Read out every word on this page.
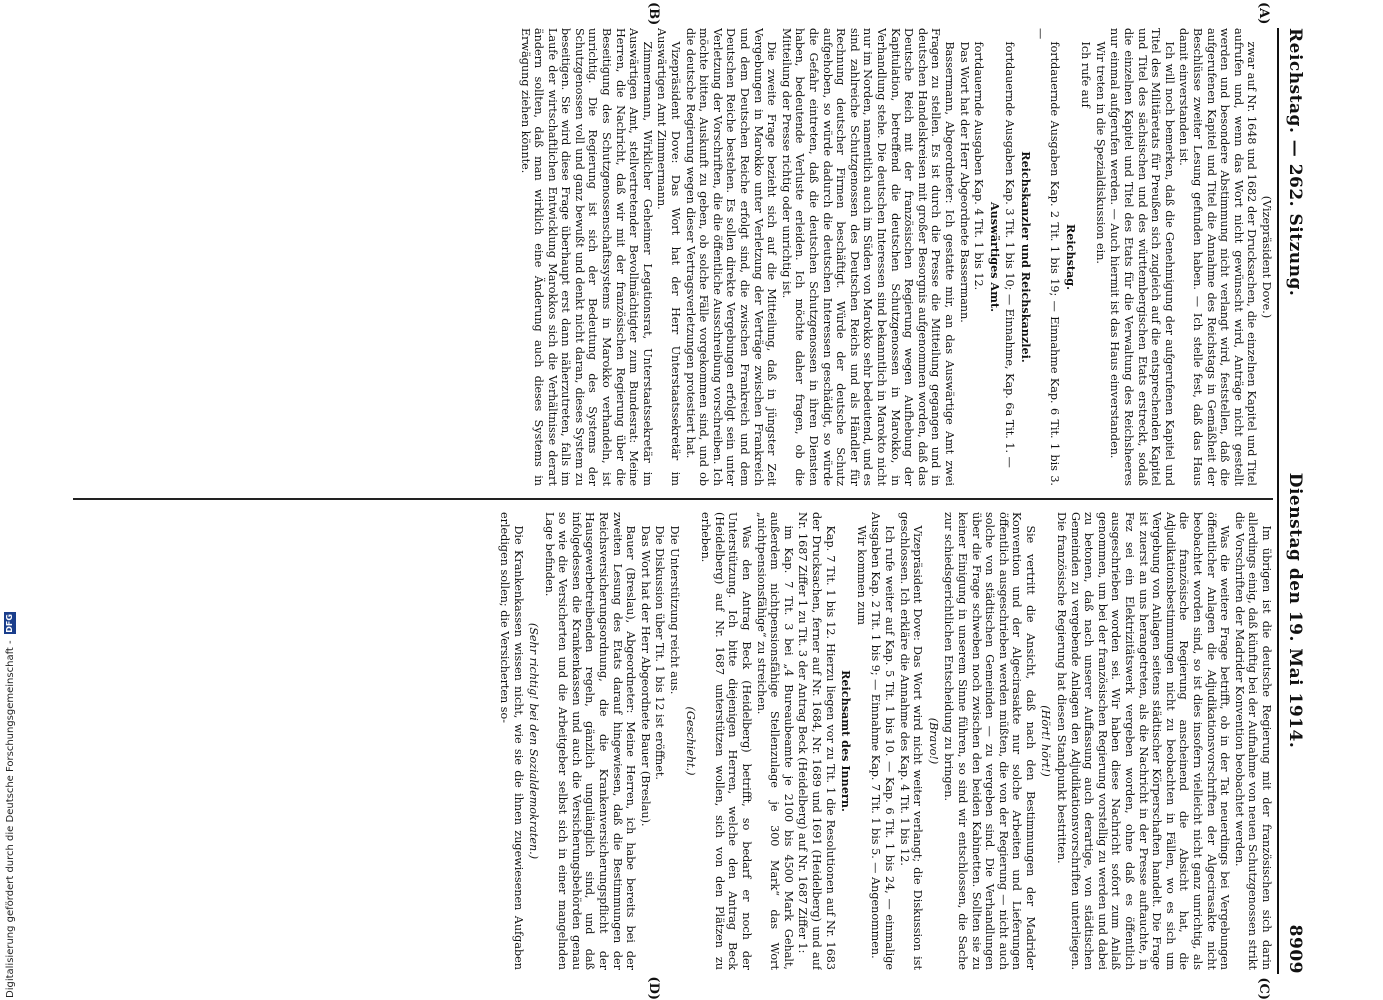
Reichstag. — 262. Sitzung.
Dienstag den 19. Mai 1914.
8909
(A)
(B)
(C)
(D)

(Vizepräsident Dove.)

zwar auf Nr. 1648 und 1682 der Drucksachen, die einzelnen Kapitel und Titel aufrufen und, wenn das Wort nicht gewünscht wird, Anträge nicht gestellt werden und besondere Abstimmung nicht verlangt wird, feststellen, daß die aufgerufenen Kapitel und Titel die Annahme des Reichstags in Gemäßheit der Beschlüsse zweiter Lesung gefunden haben. — Ich stelle fest, daß das Haus damit einverstanden ist.

Ich will noch bemerken, daß die Genehmigung der aufgerufenen Kapitel und Titel des Militäretats für Preußen sich zugleich auf die entsprechenden Kapitel und Titel des sächsischen und des württembergischen Etats erstreckt, sodaß die einzelnen Kapitel und Titel des Etats für die Verwaltung des Reichsheeres nur einmal aufgerufen werden. — Auch hiermit ist das Haus einverstanden.

Wir treten in die Spezialdiskussion ein.

Ich rufe auf

Reichstag.

fortdauernde Ausgaben Kap. 2 Tit. 1 bis 19; — Einnahme Kap. 6 Tit. 1 bis 3. —

Reichskanzler und Reichskanzlei.

fortdauernde Ausgaben Kap. 3 Tit. 1 bis 10; — Einnahme, Kap. 6a Tit. 1. —

Auswärtiges Amt.

fortdauernde Ausgaben Kap. 4 Tit. 1 bis 12.

Das Wort hat der Herr Abgeordnete Bassermann.

Bassermann, Abgeordneter: Ich gestatte mir, an das Auswärtige Amt zwei Fragen zu stellen. Es ist durch die Presse die Mitteilung gegangen und in deutschen Handelskreisen mit großer Besorgnis aufgenommen worden, daß das Deutsche Reich mit der französischen Regierung wegen Aufhebung der Kapitulation, betreffend die deutschen Schutzgenossen in Marokko, in Verhandlung stehe. Die deutschen Interessen sind bekanntlich in Marokto nicht nur im Norden, namentlich auch im Süden von Marokko sehr bedeutend, und es sind zahlreiche Schutzgenossen des Deutschen Reichs und als Händler für Rechnung deutscher Firmen beschäftigt. Würde der deutsche Schutz aufgehoben, so würde dadurch die deutschen Interessen geschädigt, so würde die Gefahr eintreten, daß die deutschen Schutzgenossen in ihren Diensten haben, bedeutende Verluste erleiden. Ich möchte daher fragen, ob die Mitteilung der Presse richtig oder unrichtig ist.

Die zweite Frage bezieht sich auf die Mitteilung, daß in jüngster Zeit Vergebungen in Marokko unter Verletzung der Verträge zwischen Frankreich und dem Deutschen Reiche erfolgt sind, die zwischen Frankreich und dem Deutschen Reiche bestehen. Es sollen direkte Vergebungen erfolgt sein unter Verletzung der Vorschriften, die die öffentliche Ausschreibung vorschreiben. Ich möchte bitten, Auskunft zu geben, ob solche Fälle vorgekommen sind, und ob die deutsche Regierung wegen dieser Vertragsverletzungen protestiert hat.

Vizepräsident Dove: Das Wort hat der Herr Unterstaatssekretär im Auswärtigen Amt Zimmermann.

Zimmermann, Wirklicher Geheimer Legationsrat, Unterstaatssekretär im Auswärtigen Amt, stellvertretender Bevollmächtigter zum Bundesrat: Meine Herren, die Nachricht, daß wir mit der französischen Regierung über die Beseitigung des Schutzgenossenschaftssystems in Marokko verhandeln, ist unrichtig. Die Regierung ist sich der Bedeutung des Systems der Schutzgenossen voll und ganz bewußt und denkt nicht daran, dieses System zu beseitigen. Sie wird diese Frage überhaupt erst dann näherzutreten, falls im Laufe der wirtschaftlichen Entwicklung Marokkos sich die Verhältnisse derart ändern sollten, daß man wirklich eine Änderung auch dieses Systems in Erwägung ziehen könnte.

Im übrigen ist die deutsche Regierung mit der französischen sich darin allerdings einig, daß künftig bei der Aufnahme von neuen Schutzgenossen strikt die Vorschriften der Madrider Konvention beobachtet werden.

Was die weitere Frage betrifft, ob in der Tat neuerdings bei Vergebungen öffentlicher Anlagen die Adjudikationsvorschriften der Algecirasakte nicht beobachtet worden sind, so ist dies insofern vielleicht nicht ganz unrichtig, als die französische Regierung anscheinend die Absicht hat, die Adjudikationsbestimmungen nicht zu beobachten in Fällen, wo es sich um Vergebung von Anlagen seitens städtischer Körperschaften handelt. Die Frage ist zuerst an uns herangetreten, als die Nachricht in der Presse auftauchte, in Fez sei ein Elektrizitätswerk vergeben worden, ohne daß es öffentlich ausgeschrieben worden sei. Wir haben diese Nachricht sofort zum Anlaß genommen, um bei der französischen Regierung vorstellig zu werden und dabei zu betonen, daß nach unserer Auffassung auch derartige, von städtischen Gemeinden zu vergebende Anlagen den Adjudikationsvorschriften unterliegen. Die französische Regierung hat diesen Standpunkt bestritten.

(Hört! hört!)

Sie vertritt die Ansicht, daß nach den Bestimmungen der Madrider Konvention und der Algecirasakte nur solche Arbeiten und Lieferungen öffentlich ausgeschrieben werden müßten, die von der Regierung — nicht auch solche von städtischen Gemeinden — zu vergeben sind. Die Verhandlungen über die Frage schweben noch zwischen den beiden Kabinetten. Sollten sie zu keiner Einigung in unserem Sinne führen, so sind wir entschlossen, die Sache zur schiedsgerichtlichen Entscheidung zu bringen.

(Bravo!)

Vizepräsident Dove: Das Wort wird nicht weiter verlangt; die Diskussion ist geschlossen. Ich erkläre die Annahme des Kap. 4 Tit. 1 bis 12.

Ich rufe weiter auf Kap. 5 Tit. 1 bis 10. — Kap. 6 Tit. 1 bis 24, — einmalige Ausgaben Kap. 2 Tit. 1 bis 9; — Einnahme Kap. 7 Tit. 1 bis 5. — Angenommen.

Wir kommen zum

Reichsamt des Innern.

Kap. 7 Tit. 1 bis 12. Hierzu liegen vor zu Tit. 1 die Resolutionen auf Nr. 1683 der Drucksachen, ferner auf Nr. 1684, Nr. 1689 und 1691 (Heidelberg) und auf Nr. 1687 Ziffer 1 zu Tit. 3 der Antrag Beck (Heidelberg) auf Nr. 1687 Ziffer 1:

im Kap. 7 Tit. 3 bei „4 Bureaubeamte je 2100 bis 4500 Mark Gehalt, außerdem nichtpensionsfähige Stellenzulage je 300 Mark“ das Wort „nichtpensionsfähige“ zu streichen.

Was den Antrag Beck (Heidelberg) betrifft, so bedarf er noch der Unterstützung. Ich bitte diejenigen Herren, welche den Antrag Beck (Heidelberg) auf Nr. 1687 unterstützen wollen, sich von den Plätzen zu erheben.

(Geschieht.)

Die Unterstützung reicht aus.

Die Diskussion über Tit. 1 bis 12 ist eröffnet.

Das Wort hat der Herr Abgeordnete Bauer (Breslau).

Bauer (Breslau), Abgeordneter: Meine Herren, ich habe bereits bei der zweiten Lesung des Etats darauf hingewiesen, daß die Bestimmungen der Reichsversicherungsordnung, die die Krankenversicherungspflicht der Hausgewerbetreibenden regeln, gänzlich ungulänglich sind, und daß infolgedessen die Krankenkassen und auch die Versicherungsbehörden genau so wie die Versicherten und die Arbeitgeber selbst sich in einer mangelnden Lage befinden.

(Sehr richtig! bei den Sozialdemokraten.)

Die Krankenkassen wissen nicht, wie sie die ihnen zugewiesenen Aufgaben erledigen sollen; die Versicherten so-

Digitalisierung gefördert durch die Deutsche Forschungsgemeinschaft -
DFG
